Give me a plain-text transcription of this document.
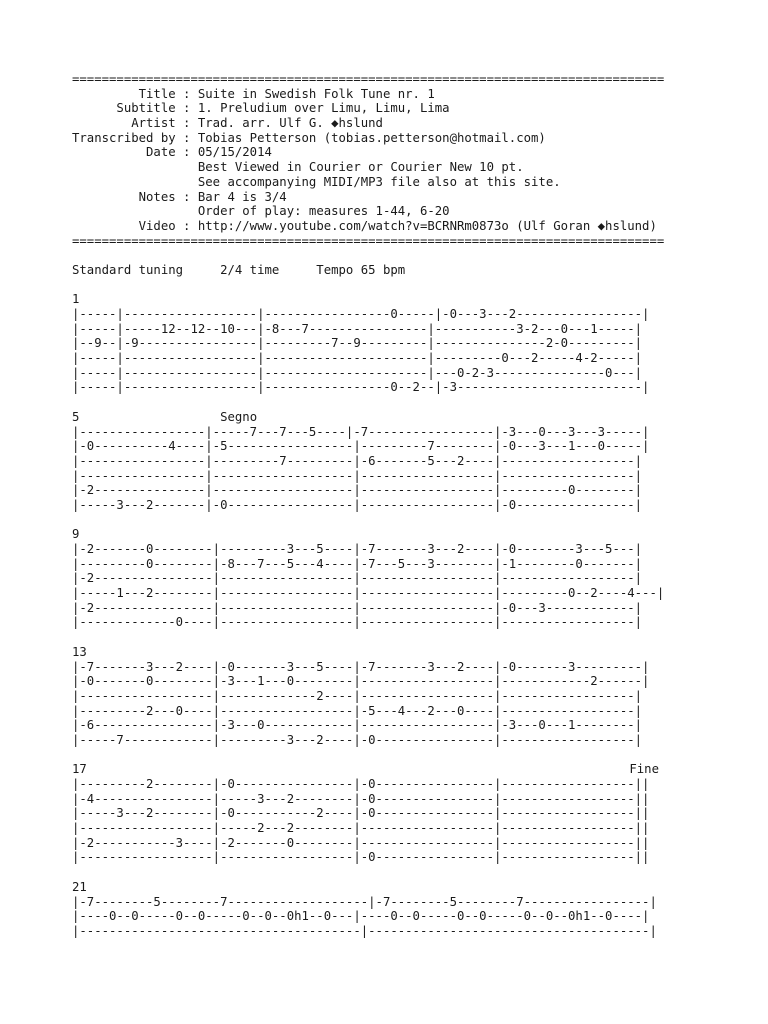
================================================================================
Title : Suite in Swedish Folk Tune nr. 1
Subtitle : 1. Preludium over Limu, Limu, Lima
Artist : Trad. arr. Ulf G. ◆hslund
Transcribed by : Tobias Petterson (tobias.petterson@hotmail.com)
Date : 05/15/2014
Best Viewed in Courier or Courier New 10 pt.
See accompanying MIDI/MP3 file also at this site.
Notes : Bar 4 is 3/4
Order of play: measures 1-44, 6-20
Video : http://www.youtube.com/watch?v=BCRNRm0873o (Ulf Goran ◆hslund)
================================================================================
Standard tuning     2/4 time     Tempo 65 bpm
1
|-----|------------------|-----------------0-----|-0---3---2-----------------|
|-----|-----12--12--10---|-8---7----------------|-----------3-2---0---1-----|
|--9--|-9----------------|---------7--9---------|---------------2-0---------|
|-----|------------------|----------------------|---------0---2-----4-2-----|
|-----|------------------|----------------------|---0-2-3---------------0---|
|-----|------------------|-----------------0--2--|-3-------------------------|
5	Segno
|-----------------|-----7---7---5----|-7-----------------|-3---0---3---3-----|
|-0----------4----|-5-----------------|---------7--------|-0---3---1---0-----|
|-----------------|---------7---------|-6-------5---2----|------------------|
|-----------------|-------------------|------------------|------------------|
|-2---------------|-------------------|------------------|---------0--------|
|-----3---2-------|-0-----------------|------------------|-0----------------|
9
|-2-------0--------|---------3---5----|-7-------3---2----|-0--------3---5---|
|---------0--------|-8---7---5---4----|-7---5---3--------|-1--------0-------|
|-2----------------|------------------|------------------|------------------|
|-----1---2--------|------------------|------------------|---------0--2----4---|
|-2----------------|------------------|------------------|-0---3------------|
|-------------0----|------------------|------------------|------------------|
13
|-7-------3---2----|-0-------3---5----|-7-------3---2----|-0-------3---------|
|-0-------0--------|-3---1---0--------|------------------|------------2------|
|------------------|-------------2----|------------------|------------------|
|---------2---0----|------------------|-5---4---2---0----|------------------|
|-6----------------|-3---0------------|------------------|-3---0---1--------|
|-----7------------|---------3---2----|-0----------------|------------------|
17	Fine
|---------2--------|-0----------------|-0----------------|------------------||
|-4----------------|-----3---2--------|-0----------------|------------------||
|-----3---2--------|-0-----------2----|-0----------------|------------------||
|------------------|-----2---2--------|------------------|------------------||
|-2-----------3----|-2-------0--------|------------------|------------------||
|------------------|------------------|-0----------------|------------------||
21
|-7--------5--------7-------------------|-7--------5--------7-----------------|
|----0--0-----0--0-----0--0--0h1--0---|----0--0-----0--0-----0--0--0h1--0----|
|--------------------------------------|--------------------------------------|
